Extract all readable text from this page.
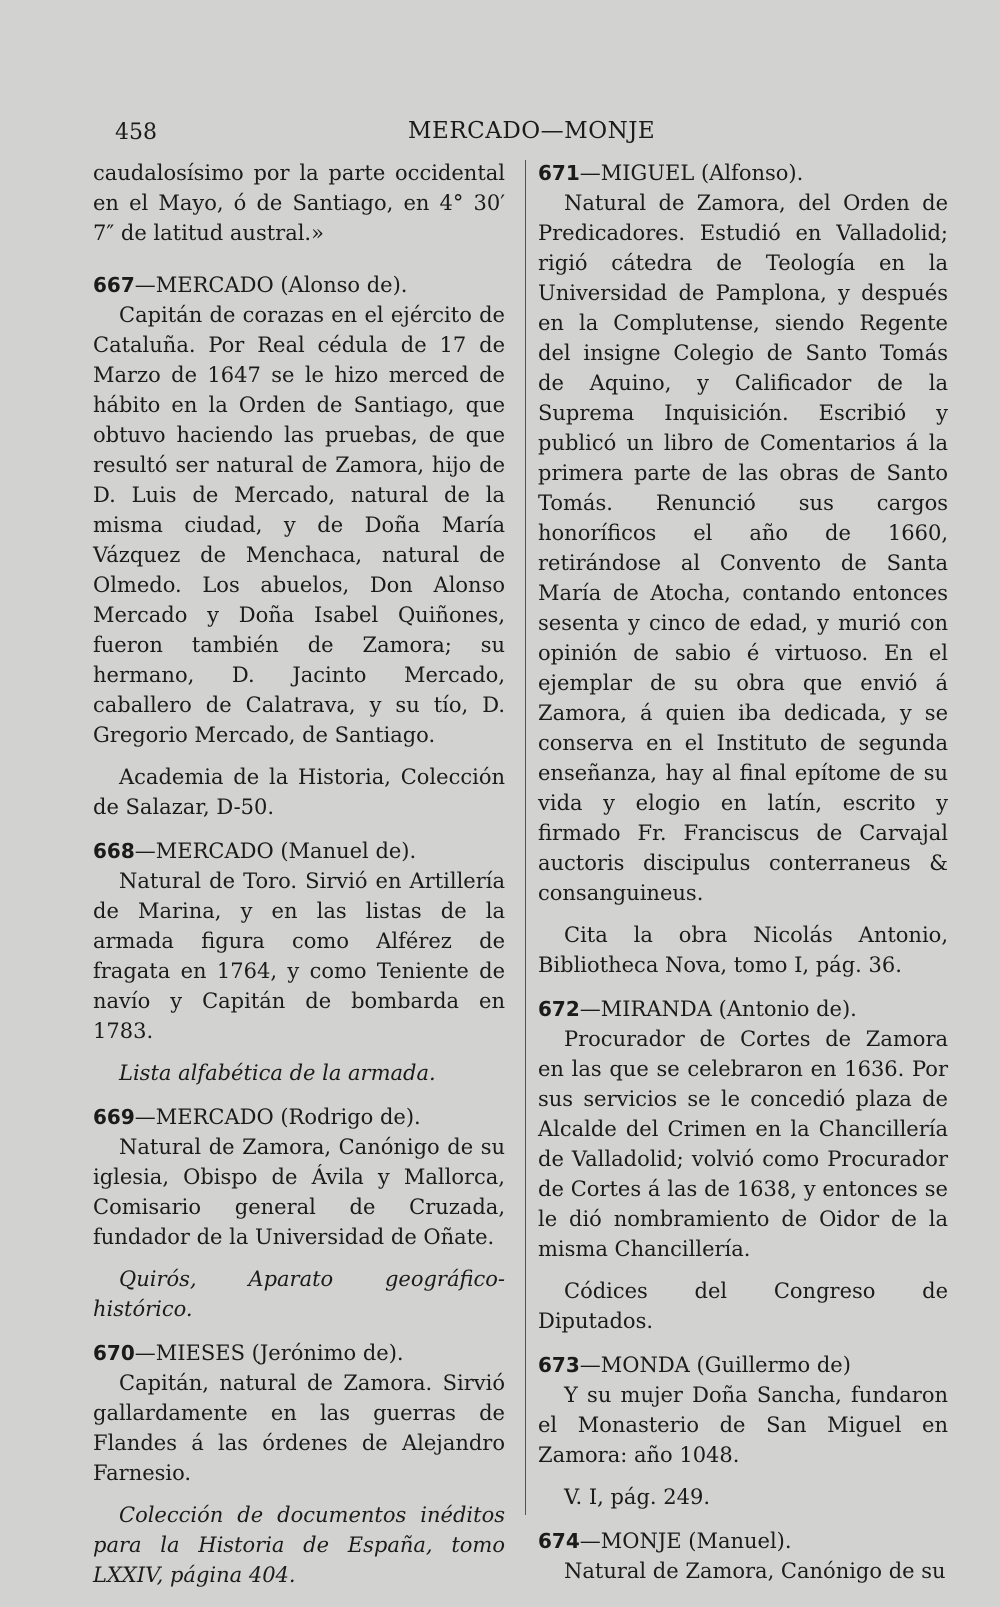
458	MERCADO—MONJE

caudalosísimo por la parte occidental en el Mayo, ó de Santiago, en 4° 30′ 7″ de latitud austral.»

667—MERCADO (Alonso de).

Capitán de corazas en el ejército de Cataluña. Por Real cédula de 17 de Marzo de 1647 se le hizo merced de hábito en la Orden de Santiago, que obtuvo haciendo las pruebas, de que resultó ser natural de Zamora, hijo de D. Luis de Mercado, natural de la misma ciudad, y de Doña María Vázquez de Menchaca, natural de Olmedo. Los abuelos, Don Alonso Mercado y Doña Isabel Quiñones, fueron también de Zamora; su hermano, D. Jacinto Mercado, caballero de Calatrava, y su tío, D. Gregorio Mercado, de Santiago.

Academia de la Historia, Colección de Salazar, D-50.

668—MERCADO (Manuel de).

Natural de Toro. Sirvió en Artillería de Marina, y en las listas de la armada figura como Alférez de fragata en 1764, y como Teniente de navío y Capitán de bombarda en 1783.

Lista alfabética de la armada.

669—MERCADO (Rodrigo de).

Natural de Zamora, Canónigo de su iglesia, Obispo de Ávila y Mallorca, Comisario general de Cruzada, fundador de la Universidad de Oñate.

Quirós, Aparato geográfico-histórico.

670—MIESES (Jerónimo de).

Capitán, natural de Zamora. Sirvió gallardamente en las guerras de Flandes á las órdenes de Alejandro Farnesio.

Colección de documentos inéditos para la Historia de España, tomo LXXIV, página 404.

671—MIGUEL (Alfonso).

Natural de Zamora, del Orden de Predicadores. Estudió en Valladolid; rigió cátedra de Teología en la Universidad de Pamplona, y después en la Complutense, siendo Regente del insigne Colegio de Santo Tomás de Aquino, y Calificador de la Suprema Inquisición. Escribió y publicó un libro de Comentarios á la primera parte de las obras de Santo Tomás. Renunció sus cargos honoríficos el año de 1660, retirándose al Convento de Santa María de Atocha, contando entonces sesenta y cinco de edad, y murió con opinión de sabio é virtuoso. En el ejemplar de su obra que envió á Zamora, á quien iba dedicada, y se conserva en el Instituto de segunda enseñanza, hay al final epítome de su vida y elogio en latín, escrito y firmado Fr. Franciscus de Carvajal auctoris discipulus conterraneus & consanguineus.

Cita la obra Nicolás Antonio, Bibliotheca Nova, tomo I, pág. 36.

672—MIRANDA (Antonio de).

Procurador de Cortes de Zamora en las que se celebraron en 1636. Por sus servicios se le concedió plaza de Alcalde del Crimen en la Chancillería de Valladolid; volvió como Procurador de Cortes á las de 1638, y entonces se le dió nombramiento de Oidor de la misma Chancillería.

Códices del Congreso de Diputados.

673—MONDA (Guillermo de)

Y su mujer Doña Sancha, fundaron el Monasterio de San Miguel en Zamora: año 1048.

V. I, pág. 249.

674—MONJE (Manuel).

Natural de Zamora, Canónigo de su
